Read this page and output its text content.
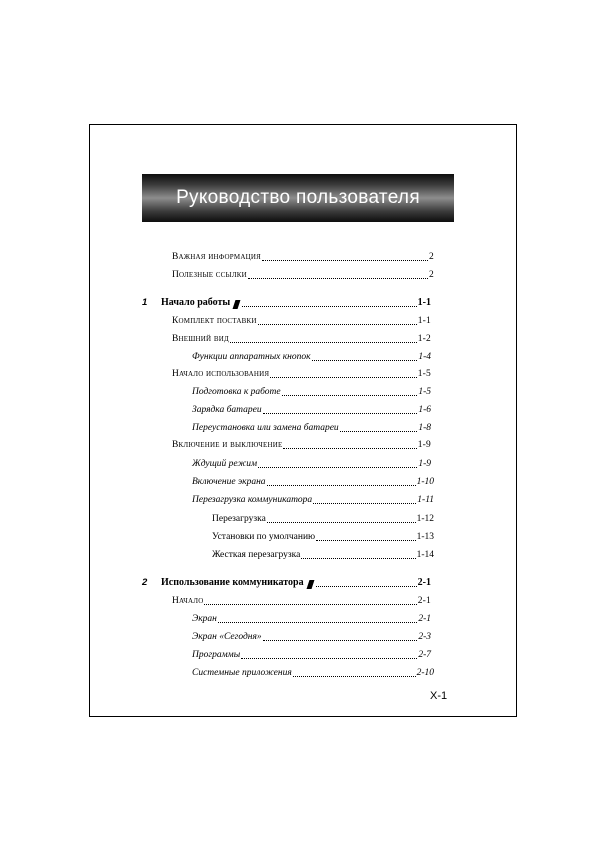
Руководство пользователя
Важная информация	2
Полезные ссылки	2
1 Начало работы	1-1
Комплект поставки	1-1
Внешний вид	1-2
Функции аппаратных кнопок	1-4
Начало использования	1-5
Подготовка к работе	1-5
Зарядка батареи	1-6
Переустановка или замена батареи	1-8
Включение и выключение	1-9
Ждущий режим	1-9
Включение экрана	1-10
Перезагрузка коммуникатора	1-11
Перезагрузка	1-12
Установки по умолчанию	1-13
Жесткая перезагрузка	1-14
2 Использование коммуникатора	2-1
Начало	2-1
Экран	2-1
Экран «Сегодня»	2-3
Программы	2-7
Системные приложения	2-10
X-1
